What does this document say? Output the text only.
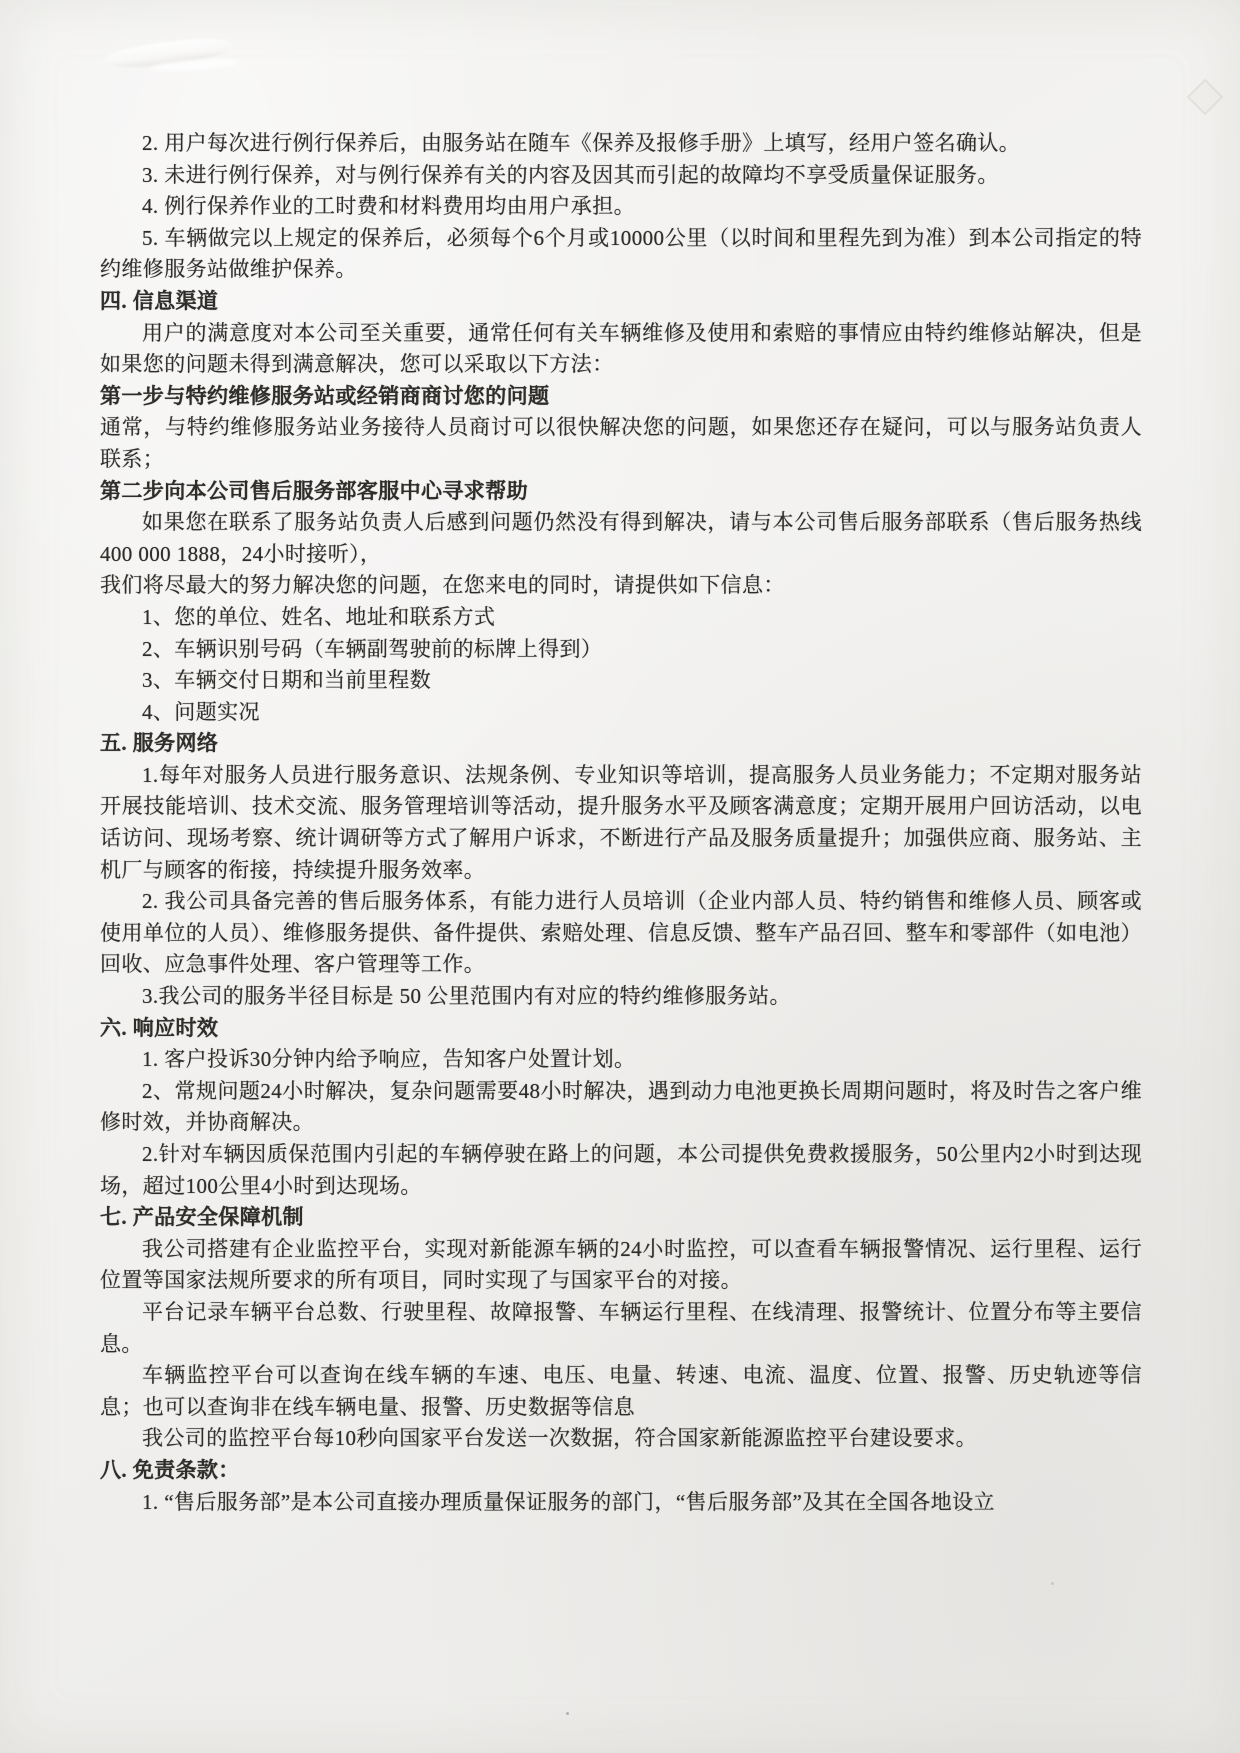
2. 用户每次进行例行保养后，由服务站在随车《保养及报修手册》上填写，经用户签名确认。

3. 未进行例行保养，对与例行保养有关的内容及因其而引起的故障均不享受质量保证服务。

4. 例行保养作业的工时费和材料费用均由用户承担。

5. 车辆做完以上规定的保养后，必须每个6个月或10000公里（以时间和里程先到为准）到本公司指定的特约维修服务站做维护保养。

四. 信息渠道

用户的满意度对本公司至关重要，通常任何有关车辆维修及使用和索赔的事情应由特约维修站解决，但是如果您的问题未得到满意解决，您可以采取以下方法：

第一步与特约维修服务站或经销商商讨您的问题

通常，与特约维修服务站业务接待人员商讨可以很快解决您的问题，如果您还存在疑问，可以与服务站负责人联系；

第二步向本公司售后服务部客服中心寻求帮助

如果您在联系了服务站负责人后感到问题仍然没有得到解决，请与本公司售后服务部联系（售后服务热线400 000 1888，24小时接听），

我们将尽最大的努力解决您的问题，在您来电的同时，请提供如下信息：

1、您的单位、姓名、地址和联系方式

2、车辆识别号码（车辆副驾驶前的标牌上得到）

3、车辆交付日期和当前里程数

4、问题实况

五. 服务网络

1.每年对服务人员进行服务意识、法规条例、专业知识等培训，提高服务人员业务能力；不定期对服务站开展技能培训、技术交流、服务管理培训等活动，提升服务水平及顾客满意度；定期开展用户回访活动，以电话访问、现场考察、统计调研等方式了解用户诉求，不断进行产品及服务质量提升；加强供应商、服务站、主机厂与顾客的衔接，持续提升服务效率。

2. 我公司具备完善的售后服务体系，有能力进行人员培训（企业内部人员、特约销售和维修人员、顾客或使用单位的人员）、维修服务提供、备件提供、索赔处理、信息反馈、整车产品召回、整车和零部件（如电池）回收、应急事件处理、客户管理等工作。

3.我公司的服务半径目标是 50 公里范围内有对应的特约维修服务站。

六. 响应时效

1. 客户投诉30分钟内给予响应，告知客户处置计划。

2、常规问题24小时解决，复杂问题需要48小时解决，遇到动力电池更换长周期问题时，将及时告之客户维修时效，并协商解决。

2.针对车辆因质保范围内引起的车辆停驶在路上的问题，本公司提供免费救援服务，50公里内2小时到达现场，超过100公里4小时到达现场。

七. 产品安全保障机制

我公司搭建有企业监控平台，实现对新能源车辆的24小时监控，可以查看车辆报警情况、运行里程、运行位置等国家法规所要求的所有项目，同时实现了与国家平台的对接。

平台记录车辆平台总数、行驶里程、故障报警、车辆运行里程、在线清理、报警统计、位置分布等主要信息。

车辆监控平台可以查询在线车辆的车速、电压、电量、转速、电流、温度、位置、报警、历史轨迹等信息；也可以查询非在线车辆电量、报警、历史数据等信息

我公司的监控平台每10秒向国家平台发送一次数据，符合国家新能源监控平台建设要求。

八. 免责条款：

1. “售后服务部”是本公司直接办理质量保证服务的部门，“售后服务部”及其在全国各地设立
